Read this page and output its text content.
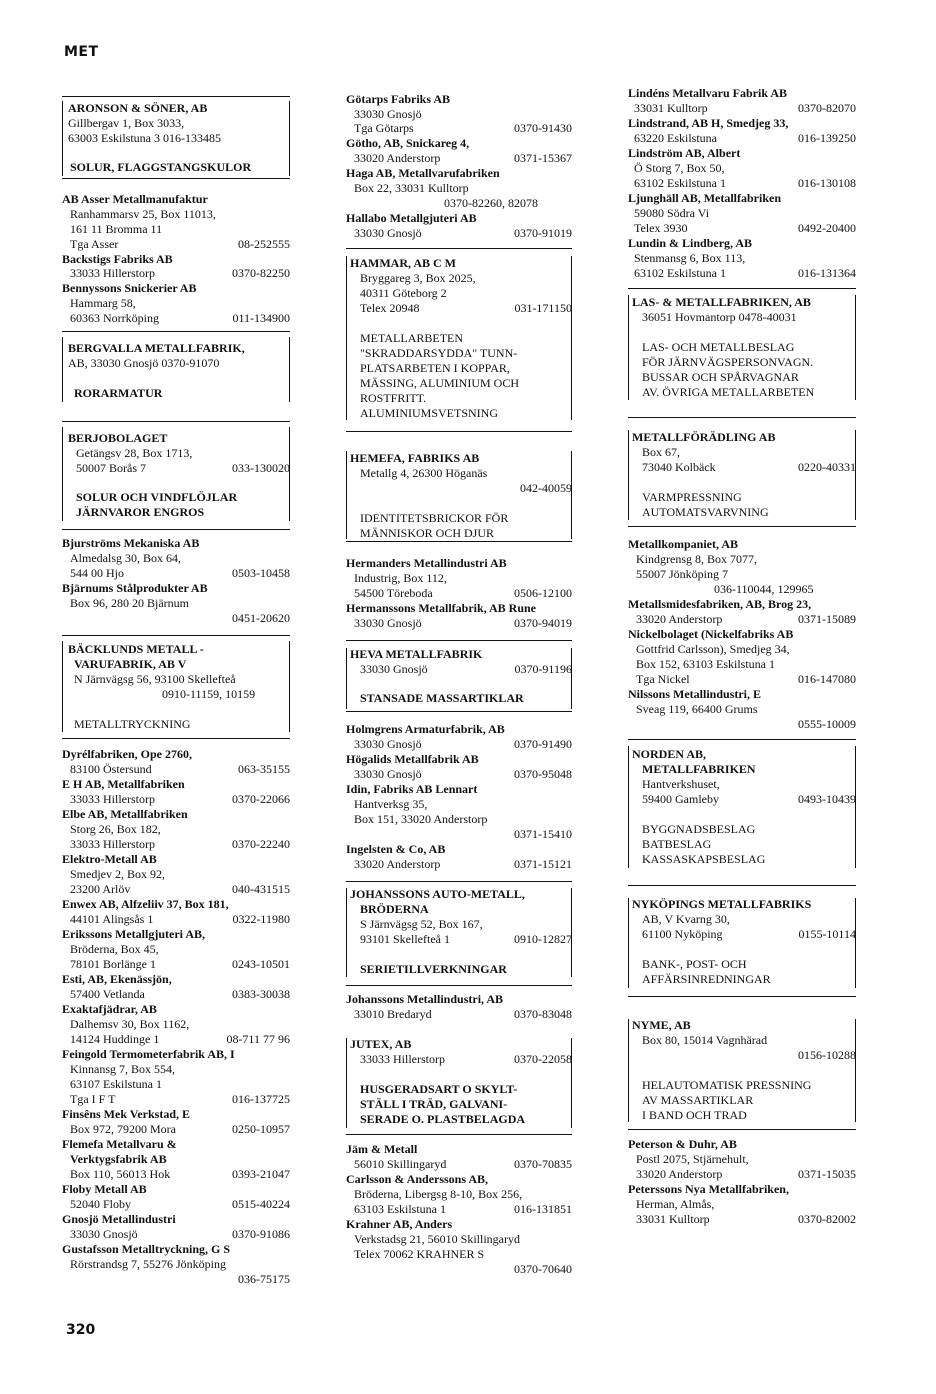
MET
ARONSON & SÖNER, AB
Gillbergav 1, Box 3033,
63003 Eskilstuna 3 016-133485
SOLUR, FLAGGSTANGSKULOR
AB Asser Metallmanufaktur
Ranhammarsv 25, Box 11013,
161 11 Bromma 11
Tga Asser	08-252555
Backstigs Fabriks AB
33033 Hillerstorp	0370-82250
Bennyssons Snickerier AB
Hammarg 58,
60363 Norrköping	011-134900
BERGVALLA METALLFABRIK,
AB, 33030 Gnosjö 0370-91070
RORARMATUR
BERJOBOLAGET
Getängsv 28, Box 1713,
50007 Borås 7	033-130020
SOLUR OCH VINDFLÖJLAR
JÄRNVAROR ENGROS
Bjurströms Mekaniska AB
Almedalsg 30, Box 64,
544 00 Hjo	0503-10458
Bjärnums Stålprodukter AB
Box 96, 280 20 Bjärnum
0451-20620
BÄCKLUNDS METALL -
VARUFABRIK, AB V
N Järnvägsg 56, 93100 Skellefteå
0910-11159, 10159
METALLTRYCKNING
Dyrélfabriken, Ope 2760,
83100 Östersund	063-35155
E H AB, Metallfabriken
33033 Hillerstorp	0370-22066
Elbe AB, Metallfabriken
Storg 26, Box 182,
33033 Hillerstorp	0370-22240
Elektro-Metall AB
Smedjev 2, Box 92,
23200 Arlöv	040-431515
Enwex AB, Alfzeliiv 37, Box 181,
44101 Alingsås 1	0322-11980
Erikssons Metallgjuteri AB,
Bröderna, Box 45,
78101 Borlänge 1	0243-10501
Esti, AB, Ekenässjön,
57400 Vetlanda	0383-30038
Exaktafjädrar, AB
Dalhemsv 30, Box 1162,
14124 Huddinge 1	08-711 77 96
Feingold Termometerfabrik AB, I
Kinnansg 7, Box 554,
63107 Eskilstuna 1
Tga I F T	016-137725
Finsêns Mek Verkstad, E
Box 972, 79200 Mora	0250-10957
Flemefa Metallvaru &
Verktygsfabrik AB
Box 110, 56013 Hok	0393-21047
Floby Metall AB
52040 Floby	0515-40224
Gnosjö Metallindustri
33030 Gnosjö	0370-91086
Gustafsson Metalltryckning, G S
Rörstrandsg 7, 55276 Jönköping
036-75175
Götarps Fabriks AB
33030 Gnosjö
Tga Götarps	0370-91430
Götho, AB, Snickareg 4,
33020 Anderstorp	0371-15367
Haga AB, Metallvarufabriken
Box 22, 33031 Kulltorp
0370-82260, 82078
Hallabo Metallgjuteri AB
33030 Gnosjö	0370-91019
HAMMAR, AB C M
Bryggareg 3, Box 2025,
40311 Göteborg 2
Telex 20948	031-171150
METALLARBETEN
"SKRADDARSYDDA" TUNN-
PLATSARBETEN I KOPPAR,
MÄSSING, ALUMINIUM OCH
ROSTFRITT.
ALUMINIUMSVETSNING
HEMEFA, FABRIKS AB
Metallg 4, 26300 Höganäs
042-40059
IDENTITETSBRICKOR FÖR
MÄNNISKOR OCH DJUR
Hermanders Metallindustri AB
Industrig, Box 112,
54500 Töreboda	0506-12100
Hermanssons Metallfabrik, AB Rune
33030 Gnosjö	0370-94019
HEVA METALLFABRIK
33030 Gnosjö	0370-91196
STANSADE MASSARTIKLAR
Holmgrens Armaturfabrik, AB
33030 Gnosjö	0370-91490
Högalids Metallfabrik AB
33030 Gnosjö	0370-95048
Idin, Fabriks AB Lennart
Hantverksg 35,
Box 151, 33020 Anderstorp
0371-15410
Ingelsten & Co, AB
33020 Anderstorp	0371-15121
JOHANSSONS AUTO-METALL,
BRÖDERNA
S Järnvägsg 52, Box 167,
93101 Skellefteå 1	0910-12827
SERIETILLVERKNINGAR
Johanssons Metallindustri, AB
33010 Bredaryd	0370-83048
JUTEX, AB
33033 Hillerstorp	0370-22058
HUSGERADSART O SKYLT-
STÄLL I TRÄD, GALVANI-
SERADE O. PLASTBELAGDA
Jäm & Metall
56010 Skillingaryd	0370-70835
Carlsson & Anderssons AB,
Bröderna, Libergsg 8-10, Box 256,
63103 Eskilstuna 1	016-131851
Krahner AB, Anders
Verkstadsg 21, 56010 Skillingaryd
Telex 70062 KRAHNER S
0370-70640
Lindéns Metallvaru Fabrik AB
33031 Kulltorp	0370-82070
Lindstrand, AB H, Smedjeg 33,
63220 Eskilstuna	016-139250
Lindström AB, Albert
Ö Storg 7, Box 50,
63102 Eskilstuna 1	016-130108
Ljunghäll AB, Metallfabriken
59080 Södra Vi
Telex 3930	0492-20400
Lundin & Lindberg, AB
Stenmansg 6, Box 113,
63102 Eskilstuna 1	016-131364
LAS- & METALLFABRIKEN, AB
36051 Hovmantorp 0478-40031
LAS- OCH METALLBESLAG
FÖR JÄRNVÄGSPERSONVAGN.
BUSSAR OCH SPÅRVAGNAR
AV. ÖVRIGA METALLARBETEN
METALLFÖRÄDLING AB
Box 67,
73040 Kolbäck	0220-40331
VARMPRESSNING
AUTOMATSVARVNING
Metallkompaniet, AB
Kindgrensg 8, Box 7077,
55007 Jönköping 7
036-110044, 129965
Metallsmidesfabriken, AB, Brog 23,
33020 Anderstorp	0371-15089
Nickelbolaget (Nickelfabriks AB
Gottfrid Carlsson), Smedjeg 34,
Box 152, 63103 Eskilstuna 1
Tga Nickel	016-147080
Nilssons Metallindustri, E
Sveag 119, 66400 Grums
0555-10009
NORDEN AB,
METALLFABRIKEN
Hantverkshuset,
59400 Gamleby	0493-10439
BYGGNADSBESLAG
BATBESLAG
KASSASKAPSBESLAG
NYKÖPINGS METALLFABRIKS
AB, V Kvarng 30,
61100 Nyköping	0155-10114
BANK-, POST- OCH
AFFÄRSINREDNINGAR
NYME, AB
Box 80, 15014 Vagnhärad
0156-10288
HELAUTOMATISK PRESSNING
AV MASSARTIKLAR
I BAND OCH TRAD
Peterson & Duhr, AB
Postl 2075, Stjärnehult,
33020 Anderstorp	0371-15035
Peterssons Nya Metallfabriken,
Herman, Almås,
33031 Kulltorp	0370-82002
320
